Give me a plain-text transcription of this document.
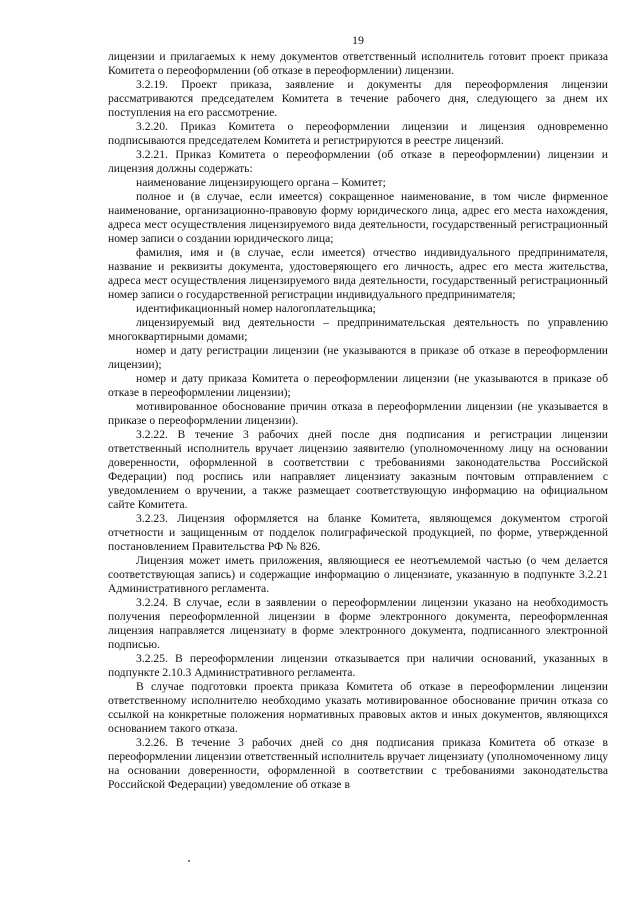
19

лицензии и прилагаемых к нему документов ответственный исполнитель готовит проект приказа Комитета о переоформлении (об отказе в переоформлении) лицензии.

3.2.19. Проект приказа, заявление и документы для переоформления лицензии рассматриваются председателем Комитета в течение рабочего дня, следующего за днем их поступления на его рассмотрение.

3.2.20. Приказ Комитета о переоформлении лицензии и лицензия одновременно подписываются председателем Комитета и регистрируются в реестре лицензий.

3.2.21. Приказ Комитета о переоформлении (об отказе в переоформлении) лицензии и лицензия должны содержать:

наименование лицензирующего органа – Комитет;

полное и (в случае, если имеется) сокращенное наименование, в том числе фирменное наименование, организационно-правовую форму юридического лица, адрес его места нахождения, адреса мест осуществления лицензируемого вида деятельности, государственный регистрационный номер записи о создании юридического лица;

фамилия, имя и (в случае, если имеется) отчество индивидуального предпринимателя, название и реквизиты документа, удостоверяющего его личность, адрес его места жительства, адреса мест осуществления лицензируемого вида деятельности, государственный регистрационный номер записи о государственной регистрации индивидуального предпринимателя;

идентификационный номер налогоплательщика;

лицензируемый вид деятельности – предпринимательская деятельность по управлению многоквартирными домами;

номер и дату регистрации лицензии (не указываются в приказе об отказе в переоформлении лицензии);

номер и дату приказа Комитета о переоформлении лицензии (не указываются в приказе об отказе в переоформлении лицензии);

мотивированное обоснование причин отказа в переоформлении лицензии (не указывается в приказе о переоформлении лицензии).

3.2.22. В течение 3 рабочих дней после дня подписания и регистрации лицензии ответственный исполнитель вручает лицензию заявителю (уполномоченному лицу на основании доверенности, оформленной в соответствии с требованиями законодательства Российской Федерации) под роспись или направляет лицензиату заказным почтовым отправлением с уведомлением о вручении, а также размещает соответствующую информацию на официальном сайте Комитета.

3.2.23. Лицензия оформляется на бланке Комитета, являющемся документом строгой отчетности и защищенным от подделок полиграфической продукцией, по форме, утвержденной постановлением Правительства РФ № 826.

Лицензия может иметь приложения, являющиеся ее неотъемлемой частью (о чем делается соответствующая запись) и содержащие информацию о лицензиате, указанную в подпункте 3.2.21 Административного регламента.

3.2.24. В случае, если в заявлении о переоформлении лицензии указано на необходимость получения переоформленной лицензии в форме электронного документа, переоформленная лицензия направляется лицензиату в форме электронного документа, подписанного электронной подписью.

3.2.25. В переоформлении лицензии отказывается при наличии оснований, указанных в подпункте 2.10.3 Административного регламента.

В случае подготовки проекта приказа Комитета об отказе в переоформлении лицензии ответственному исполнителю необходимо указать мотивированное обоснование причин отказа со ссылкой на конкретные положения нормативных правовых актов и иных документов, являющихся основанием такого отказа.

3.2.26. В течение 3 рабочих дней со дня подписания приказа Комитета об отказе в переоформлении лицензии ответственный исполнитель вручает лицензиату (уполномоченному лицу на основании доверенности, оформленной в соответствии с требованиями законодательства Российской Федерации) уведомление об отказе в
